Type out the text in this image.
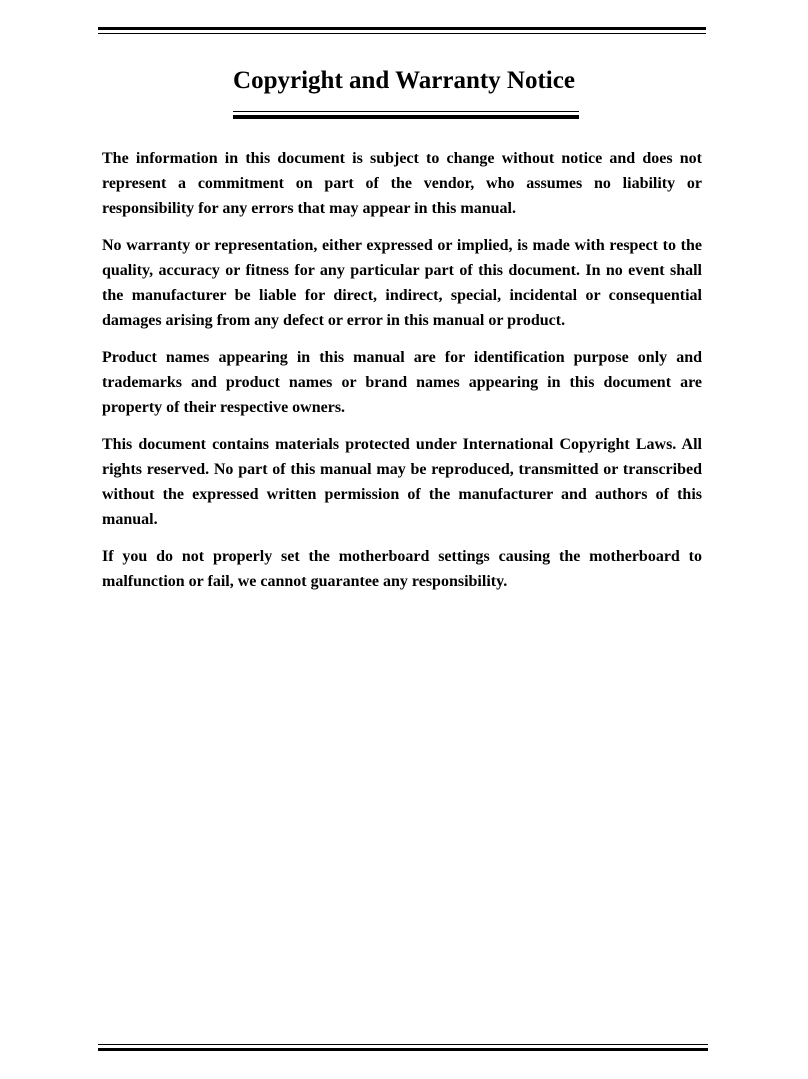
Copyright and Warranty Notice

The information in this document is subject to change without notice and does not represent a commitment on part of the vendor, who assumes no liability or responsibility for any errors that may appear in this manual.

No warranty or representation, either expressed or implied, is made with respect to the quality, accuracy or fitness for any particular part of this document. In no event shall the manufacturer be liable for direct, indirect, special, incidental or consequential damages arising from any defect or error in this manual or product.

Product names appearing in this manual are for identification purpose only and trademarks and product names or brand names appearing in this document are property of their respective owners.

This document contains materials protected under International Copyright Laws. All rights reserved. No part of this manual may be reproduced, transmitted or transcribed without the expressed written permission of the manufacturer and authors of this manual.

If you do not properly set the motherboard settings causing the motherboard to malfunction or fail, we cannot guarantee any responsibility.
